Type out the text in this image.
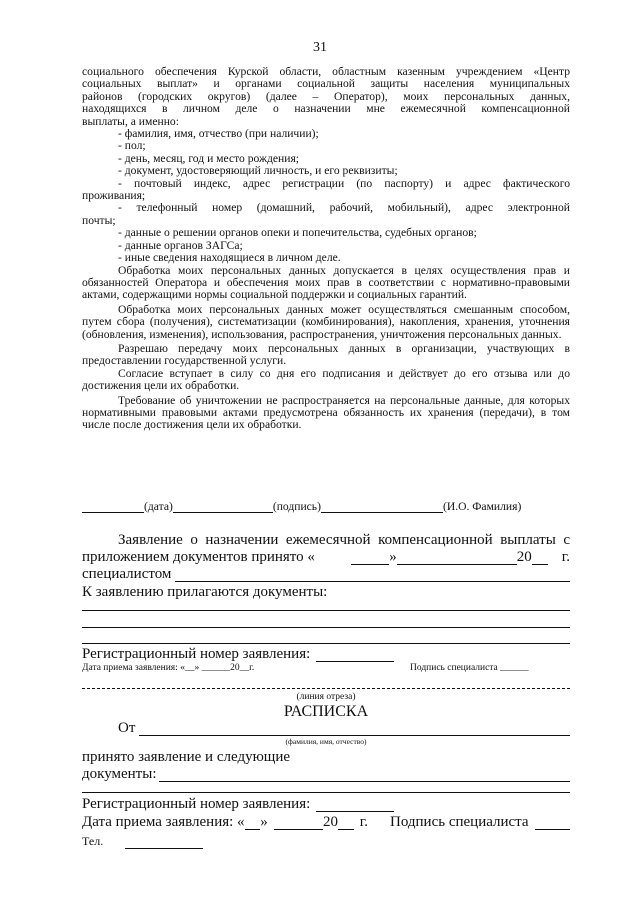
31

социального обеспечения Курской области, областным казенным учреждением «Центр

социальных выплат» и органами социальной защиты населения муниципальных

районов (городских округов) (далее – Оператор), моих персональных данных,

находящихся в личном деле о назначении мне ежемесячной компенсационной

выплаты, а именно:

- фамилия, имя, отчество (при наличии);

- пол;

- день, месяц, год и место рождения;

- документ, удостоверяющий личность, и его реквизиты;

- почтовый индекс, адрес регистрации (по паспорту) и адрес фактического

проживания;

- телефонный номер (домашний, рабочий, мобильный), адрес электронной

почты;

- данные о решении органов опеки и попечительства, судебных органов;

- данные органов ЗАГСа;

- иные сведения находящиеся в личном деле.

Обработка моих персональных данных допускается в целях осуществления прав и обязанностей Оператора и обеспечения моих прав в соответствии с нормативно-правовыми актами, содержащими нормы социальной поддержки и социальных гарантий.

Обработка моих персональных данных может осуществляться смешанным способом, путем сбора (получения), систематизации (комбинирования), накопления, хранения, уточнения (обновления, изменения), использования, распространения, уничтожения персональных данных.

Разрешаю передачу моих персональных данных в организации, участвующих в предоставлении государственной услуги.

Согласие вступает в силу со дня его подписания и действует до его отзыва или до достижения цели их обработки.

Требование об уничтожении не распространяется на персональные данные, для которых нормативными правовыми актами предусмотрена обязанность их хранения (передачи), в том числе после достижения цели их обработки.

(дата)	(подпись)	(И.О. Фамилия)
Заявление о назначении ежемесячной компенсационной выплаты с
приложением документов принято «	»	20 г.
специалистом
К заявлению прилагаются документы:
Регистрационный номер заявления:
Дата приема заявления: «__» ______20__г.	Подпись специалиста ______
(линия отреза)
РАСПИСКА
От
(фамилия, имя, отчество)
принято заявление и следующие
документы:
Регистрационный номер заявления:
Дата приема заявления: « »	20 г. Подпись специалиста
Тел.
